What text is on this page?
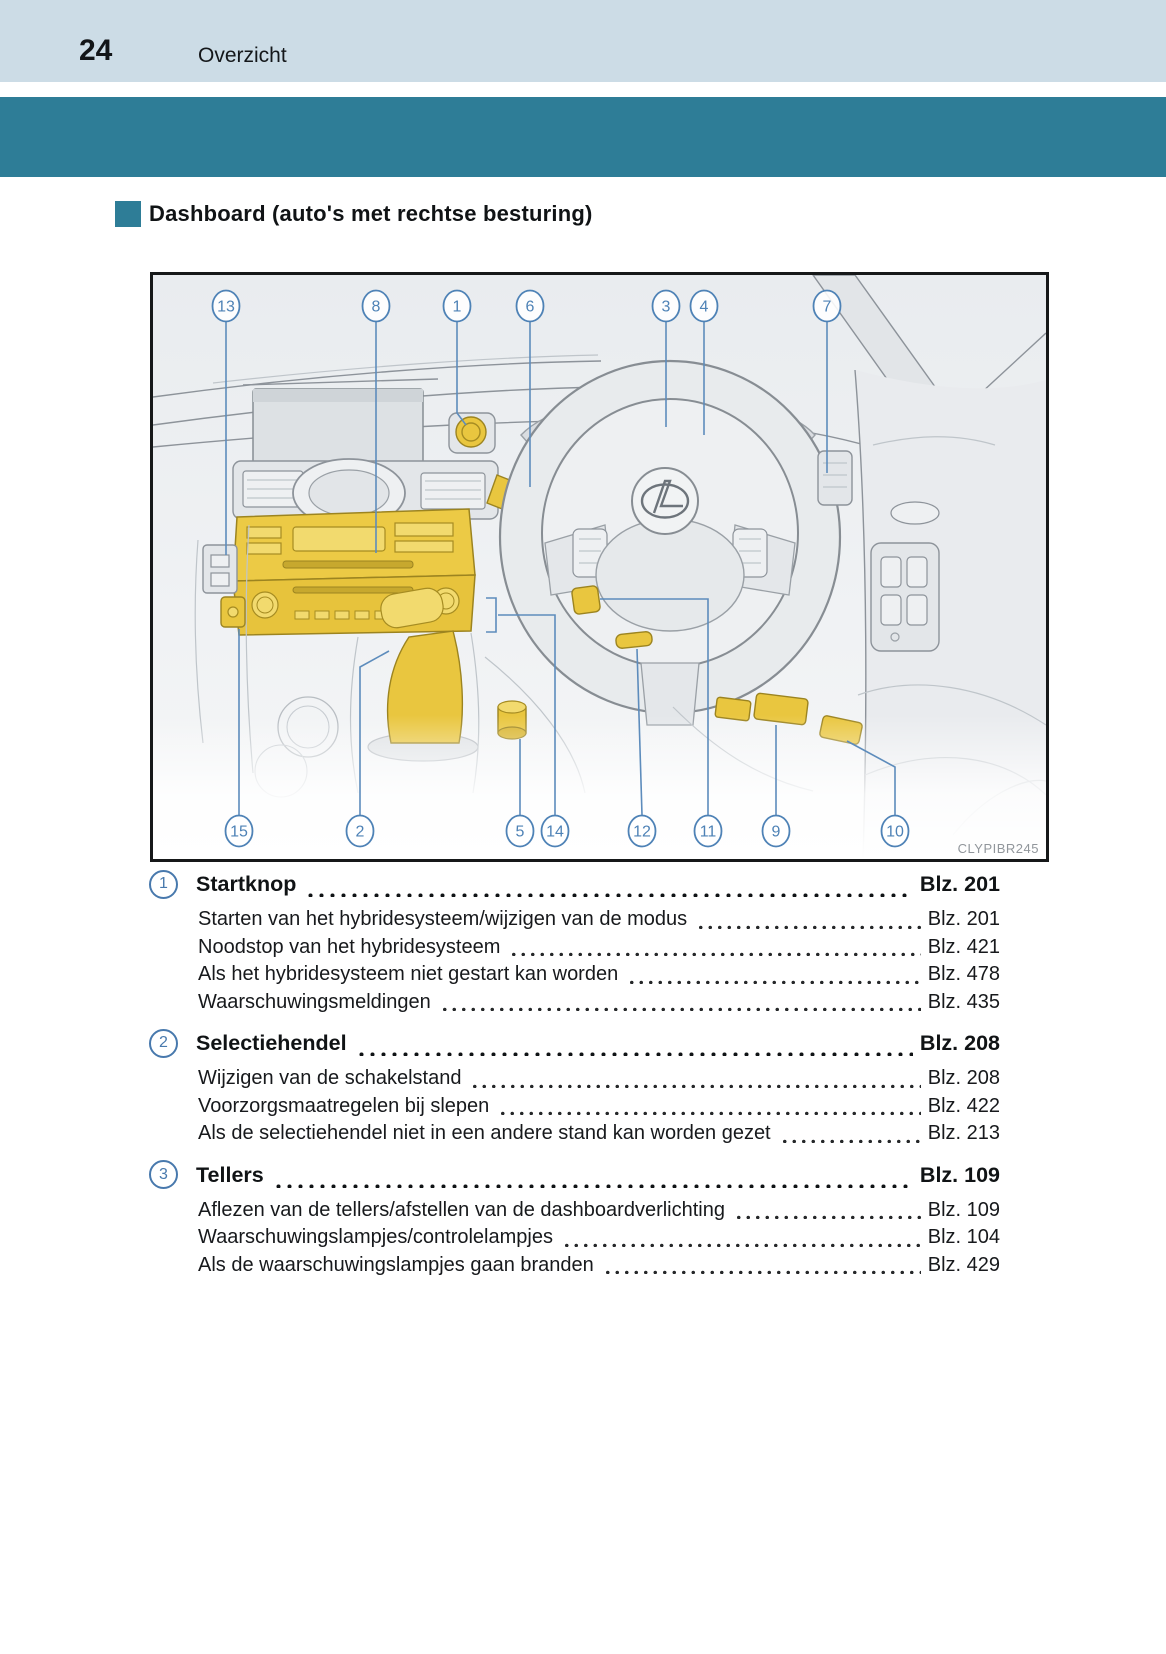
24	Overzicht
Dashboard (auto's met rechtse besturing)
13	8	1	6	3 4	7
15	2	5 14	12	11	9	10
CLYPIBR245
1	Startknop	Blz. 201
Starten van het hybridesysteem/wijzigen van de modus	Blz. 201
Noodstop van het hybridesysteem	Blz. 421
Als het hybridesysteem niet gestart kan worden	Blz. 478
Waarschuwingsmeldingen	Blz. 435
2	Selectiehendel	Blz. 208
Wijzigen van de schakelstand	Blz. 208
Voorzorgsmaatregelen bij slepen	Blz. 422
Als de selectiehendel niet in een andere stand kan worden gezet	Blz. 213
3	Tellers	Blz. 109
Aflezen van de tellers/afstellen van de dashboardverlichting	Blz. 109
Waarschuwingslampjes/controlelampjes	Blz. 104
Als de waarschuwingslampjes gaan branden	Blz. 429
